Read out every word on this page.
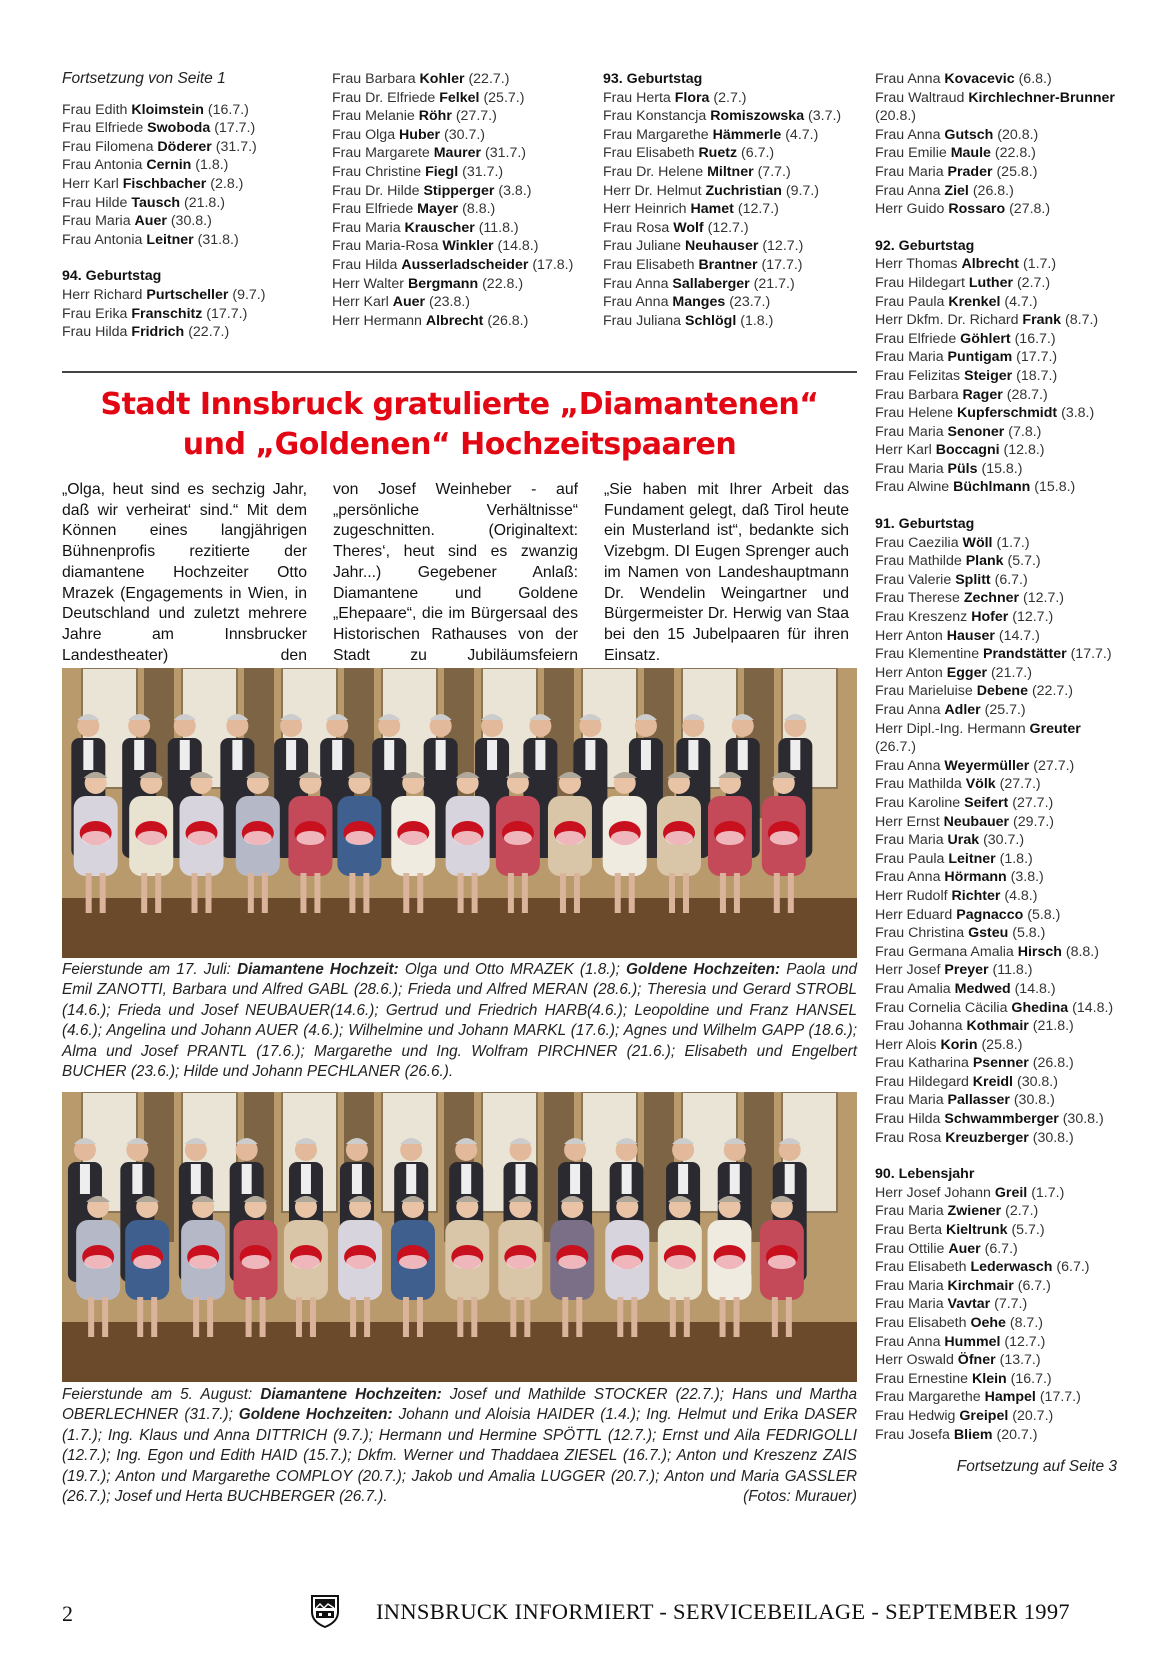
Fortsetzung von Seite 1

Frau Edith Kloimstein (16.7.)

Frau Elfriede Swoboda (17.7.)

Frau Filomena Döderer (31.7.)

Frau Antonia Cernin (1.8.)

Herr Karl Fischbacher (2.8.)

Frau Hilde Tausch (21.8.)

Frau Maria Auer (30.8.)

Frau Antonia Leitner (31.8.)

94. Geburtstag

Herr Richard Purtscheller (9.7.)

Frau Erika Franschitz (17.7.)

Frau Hilda Fridrich (22.7.)

Frau Barbara Kohler (22.7.)

Frau Dr. Elfriede Felkel (25.7.)

Frau Melanie Röhr (27.7.)

Frau Olga Huber (30.7.)

Frau Margarete Maurer (31.7.)

Frau Christine Fiegl (31.7.)

Frau Dr. Hilde Stipperger (3.8.)

Frau Elfriede Mayer (8.8.)

Frau Maria Krauscher (11.8.)

Frau Maria-Rosa Winkler (14.8.)

Frau Hilda Ausserladscheider (17.8.)

Herr Walter Bergmann (22.8.)

Herr Karl Auer (23.8.)

Herr Hermann Albrecht (26.8.)

93. Geburtstag

Frau Herta Flora (2.7.)

Frau Konstancja Romiszowska (3.7.)

Frau Margarethe Hämmerle (4.7.)

Frau Elisabeth Ruetz (6.7.)

Frau Dr. Helene Miltner (7.7.)

Herr Dr. Helmut Zuchristian (9.7.)

Herr Heinrich Hamet (12.7.)

Frau Rosa Wolf (12.7.)

Frau Juliane Neuhauser (12.7.)

Frau Elisabeth Brantner (17.7.)

Frau Anna Sallaberger (21.7.)

Frau Anna Manges (23.7.)

Frau Juliana Schlögl (1.8.)

Frau Anna Kovacevic (6.8.)

Frau Waltraud Kirchlechner-Brunner (20.8.)

Frau Anna Gutsch (20.8.)

Frau Emilie Maule (22.8.)

Frau Maria Prader (25.8.)

Frau Anna Ziel (26.8.)

Herr Guido Rossaro (27.8.)

92. Geburtstag

Herr Thomas Albrecht (1.7.)

Frau Hildegart Luther (2.7.)

Frau Paula Krenkel (4.7.)

Herr Dkfm. Dr. Richard Frank (8.7.)

Frau Elfriede Göhlert (16.7.)

Frau Maria Puntigam (17.7.)

Frau Felizitas Steiger (18.7.)

Frau Barbara Rager (28.7.)

Frau Helene Kupferschmidt (3.8.)

Frau Maria Senoner (7.8.)

Herr Karl Boccagni (12.8.)

Frau Maria Püls (15.8.)

Frau Alwine Büchlmann (15.8.)

91. Geburtstag

Frau Caezilia Wöll (1.7.)

Frau Mathilde Plank (5.7.)

Frau Valerie Splitt (6.7.)

Frau Therese Zechner (12.7.)

Frau Kreszenz Hofer (12.7.)

Herr Anton Hauser (14.7.)

Frau Klementine Prandstätter (17.7.)

Herr Anton Egger (21.7.)

Frau Marieluise Debene (22.7.)

Frau Anna Adler (25.7.)

Herr Dipl.-Ing. Hermann Greuter (26.7.)

Frau Anna Weyermüller (27.7.)

Frau Mathilda Völk (27.7.)

Frau Karoline Seifert (27.7.)

Herr Ernst Neubauer (29.7.)

Frau Maria Urak (30.7.)

Frau Paula Leitner (1.8.)

Frau Anna Hörmann (3.8.)

Herr Rudolf Richter (4.8.)

Herr Eduard Pagnacco (5.8.)

Frau Christina Gsteu (5.8.)

Frau Germana Amalia Hirsch (8.8.)

Herr Josef Preyer (11.8.)

Frau Amalia Medwed (14.8.)

Frau Cornelia Cäcilia Ghedina (14.8.)

Frau Johanna Kothmair (21.8.)

Herr Alois Korin (25.8.)

Frau Katharina Psenner (26.8.)

Frau Hildegard Kreidl (30.8.)

Frau Maria Pallasser (30.8.)

Frau Hilda Schwammberger (30.8.)

Frau Rosa Kreuzberger (30.8.)

90. Lebensjahr

Herr Josef Johann Greil (1.7.)

Frau Maria Zwiener (2.7.)

Frau Berta Kieltrunk (5.7.)

Frau Ottilie Auer (6.7.)

Frau Elisabeth Lederwasch (6.7.)

Frau Maria Kirchmair (6.7.)

Frau Maria Vavtar (7.7.)

Frau Elisabeth Oehe (8.7.)

Frau Anna Hummel (12.7.)

Herr Oswald Öfner (13.7.)

Frau Ernestine Klein (16.7.)

Frau Margarethe Hampel (17.7.)

Frau Hedwig Greipel (20.7.)

Frau Josefa Bliem (20.7.)

Fortsetzung auf Seite 3

Stadt Innsbruck gratulierte „Diamantenen“
und „Goldenen“ Hochzeitspaaren
„Olga, heut sind es sechzig Jahr, daß wir verheirat‘ sind.“ Mit dem Können eines langjährigen Bühnenprofis rezitierte der diamantene Hochzeiter Otto Mrazek (Engagements in Wien, in Deutschland und zuletzt mehrere Jahre am Innsbrucker Landestheater) den
von Josef Weinheber - auf „persönliche Verhältnisse“ zugeschnitten. (Originaltext: Theres‘, heut sind es zwanzig Jahr...) Gegebener Anlaß: Diamantene und Goldene „Ehepaare“, die im Bürgersaal des Historischen Rathauses von der Stadt zu Jubiläumsfeiern
„Sie haben mit Ihrer Arbeit das Fundament gelegt, daß Tirol heute ein Musterland ist“, bedankte sich Vizebgm. DI Eugen Sprenger auch im Namen von Landeshauptmann Dr. Wendelin Weingartner und Bürgermeister Dr. Herwig van Staa bei den 15 Jubelpaaren für ihren Einsatz.
Feierstunde am 17. Juli: Diamantene Hochzeit: Olga und Otto MRAZEK (1.8.); Goldene Hochzeiten: Paola und Emil ZANOTTI, Barbara und Alfred GABL (28.6.); Frieda und Alfred MERAN (28.6.); Theresia und Gerard STROBL (14.6.); Frieda und Josef NEUBAUER(14.6.); Gertrud und Friedrich HARB(4.6.); Leopoldine und Franz HANSEL (4.6.); Angelina und Johann AUER (4.6.); Wilhelmine und Johann MARKL (17.6.); Agnes und Wilhelm GAPP (18.6.); Alma und Josef PRANTL (17.6.); Margarethe und Ing. Wolfram PIRCHNER (21.6.); Elisabeth und Engelbert BUCHER (23.6.); Hilde und Johann PECHLANER (26.6.).
Feierstunde am 5. August: Diamantene Hochzeiten: Josef und Mathilde STOCKER (22.7.); Hans und Martha OBERLECHNER (31.7.); Goldene Hochzeiten: Johann und Aloisia HAIDER (1.4.); Ing. Helmut und Erika DASER (1.7.); Ing. Klaus und Anna DITTRICH (9.7.); Hermann und Hermine SPÖTTL (12.7.); Ernst und Aila FEDRIGOLLI (12.7.); Ing. Egon und Edith HAID (15.7.); Dkfm. Werner und Thaddaea ZIESEL (16.7.); Anton und Kreszenz ZAIS (19.7.); Anton und Margarethe COMPLOY (20.7.); Jakob und Amalia LUGGER (20.7.); Anton und Maria GASSLER (26.7.); Josef und Herta BUCHBERGER (26.7.).	(Fotos: Murauer)
2	INNSBRUCK INFORMIERT - SERVICEBEILAGE - SEPTEMBER 1997
